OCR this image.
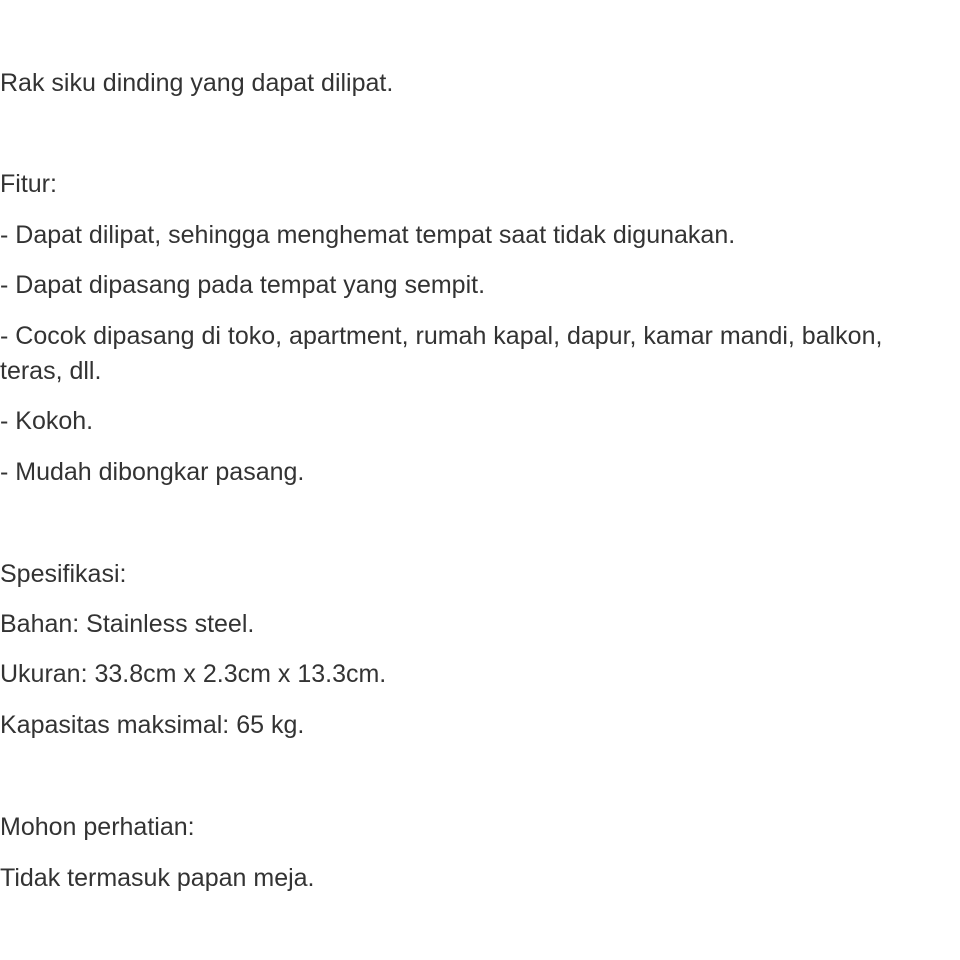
Rak siku dinding yang dapat dilipat.

Fitur:

- Dapat dilipat, sehingga menghemat tempat saat tidak digunakan.

- Dapat dipasang pada tempat yang sempit.

- Cocok dipasang di toko, apartment, rumah kapal, dapur, kamar mandi, balkon, teras, dll.

- Kokoh.

- Mudah dibongkar pasang.

Spesifikasi:

Bahan: Stainless steel.

Ukuran: 33.8cm x 2.3cm x 13.3cm.

Kapasitas maksimal: 65 kg.

Mohon perhatian:

Tidak termasuk papan meja.
